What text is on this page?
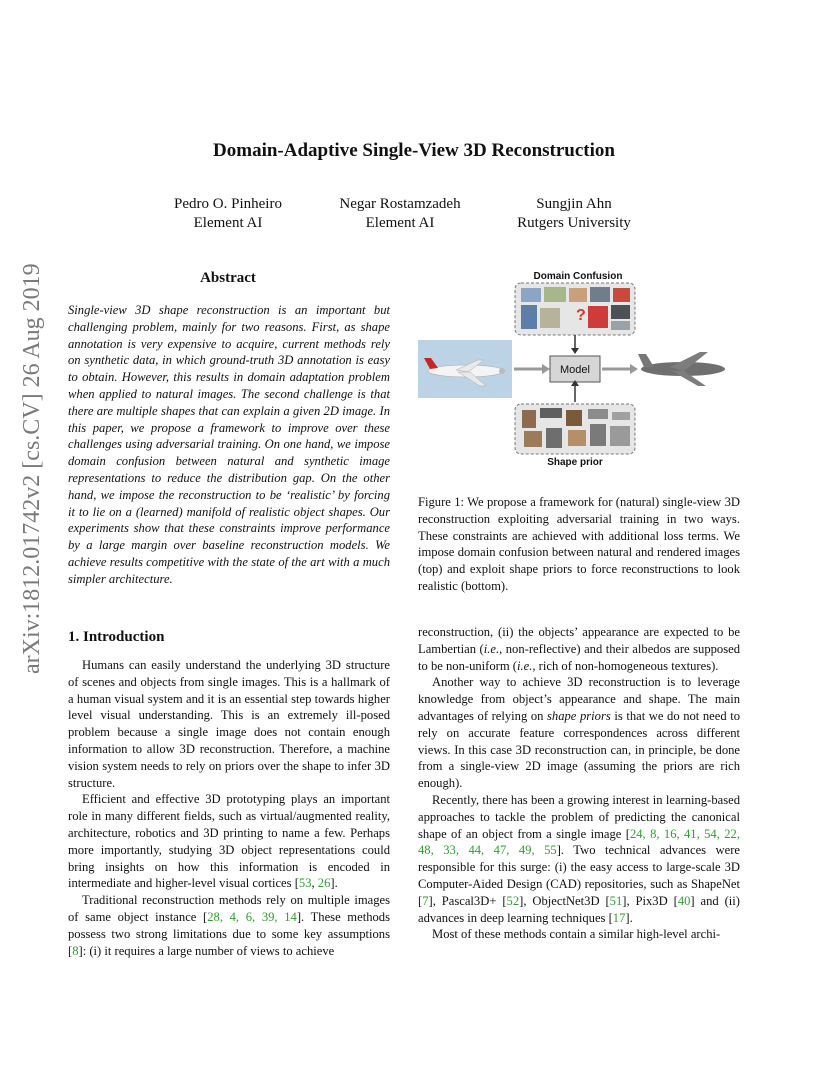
arXiv:1812.01742v2 [cs.CV] 26 Aug 2019
Domain-Adaptive Single-View 3D Reconstruction
Pedro O. Pinheiro
Element AI
Negar Rostamzadeh
Element AI
Sungjin Ahn
Rutgers University
Abstract

Single-view 3D shape reconstruction is an important but challenging problem, mainly for two reasons. First, as shape annotation is very expensive to acquire, current methods rely on synthetic data, in which ground-truth 3D annotation is easy to obtain. However, this results in domain adaptation problem when applied to natural images. The second challenge is that there are multiple shapes that can explain a given 2D image. In this paper, we propose a framework to improve over these challenges using adversarial training. On one hand, we impose domain confusion between natural and synthetic image representations to reduce the distribution gap. On the other hand, we impose the reconstruction to be ‘realistic’ by forcing it to lie on a (learned) manifold of realistic object shapes. Our experiments show that these constraints improve performance by a large margin over baseline reconstruction models. We achieve results competitive with the state of the art with a much simpler architecture.

Domain Confusion
?
Model
Shape prior
Figure 1: We propose a framework for (natural) single-view 3D reconstruction exploiting adversarial training in two ways. These constraints are achieved with additional loss terms. We impose domain confusion between natural and rendered images (top) and exploit shape priors to force reconstructions to look realistic (bottom).
1. Introduction

Humans can easily understand the underlying 3D structure of scenes and objects from single images. This is a hallmark of a human visual system and it is an essential step towards higher level visual understanding. This is an extremely ill-posed problem because a single image does not contain enough information to allow 3D reconstruction. Therefore, a machine vision system needs to rely on priors over the shape to infer 3D structure.

Efficient and effective 3D prototyping plays an important role in many different fields, such as virtual/augmented reality, architecture, robotics and 3D printing to name a few. Perhaps more importantly, studying 3D object representations could bring insights on how this information is encoded in intermediate and higher-level visual cortices [53, 26].

Traditional reconstruction methods rely on multiple images of same object instance [28, 4, 6, 39, 14]. These methods possess two strong limitations due to some key assumptions [8]: (i) it requires a large number of views to achieve

reconstruction, (ii) the objects’ appearance are expected to be Lambertian (i.e., non-reflective) and their albedos are supposed to be non-uniform (i.e., rich of non-homogeneous textures).

Another way to achieve 3D reconstruction is to leverage knowledge from object’s appearance and shape. The main advantages of relying on shape priors is that we do not need to rely on accurate feature correspondences across different views. In this case 3D reconstruction can, in principle, be done from a single-view 2D image (assuming the priors are rich enough).

Recently, there has been a growing interest in learning-based approaches to tackle the problem of predicting the canonical shape of an object from a single image [24, 8, 16, 41, 54, 22, 48, 33, 44, 47, 49, 55]. Two technical advances were responsible for this surge: (i) the easy access to large-scale 3D Computer-Aided Design (CAD) repositories, such as ShapeNet [7], Pascal3D+ [52], ObjectNet3D [51], Pix3D [40] and (ii) advances in deep learning techniques [17].

Most of these methods contain a similar high-level archi-
